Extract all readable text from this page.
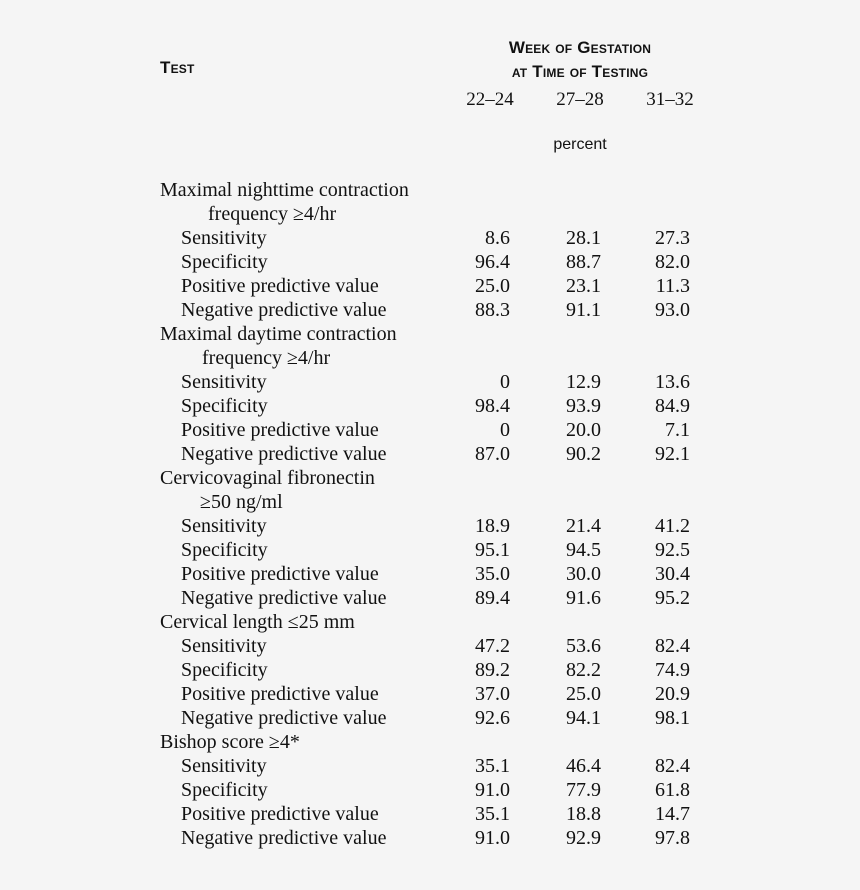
Test
Week of Gestation
at Time of Testing
22–24	27–28	31–32
percent
Maximal nighttime contraction
frequency ≥4/hr
Sensitivity	8.6	28.1	27.3
Specificity	96.4	88.7	82.0
Positive predictive value	25.0	23.1	11.3
Negative predictive value	88.3	91.1	93.0
Maximal daytime contraction
frequency ≥4/hr
Sensitivity	0	12.9	13.6
Specificity	98.4	93.9	84.9
Positive predictive value	0	20.0	7.1
Negative predictive value	87.0	90.2	92.1
Cervicovaginal fibronectin
≥50 ng/ml
Sensitivity	18.9	21.4	41.2
Specificity	95.1	94.5	92.5
Positive predictive value	35.0	30.0	30.4
Negative predictive value	89.4	91.6	95.2
Cervical length ≤25 mm
Sensitivity	47.2	53.6	82.4
Specificity	89.2	82.2	74.9
Positive predictive value	37.0	25.0	20.9
Negative predictive value	92.6	94.1	98.1
Bishop score ≥4*
Sensitivity	35.1	46.4	82.4
Specificity	91.0	77.9	61.8
Positive predictive value	35.1	18.8	14.7
Negative predictive value	91.0	92.9	97.8
